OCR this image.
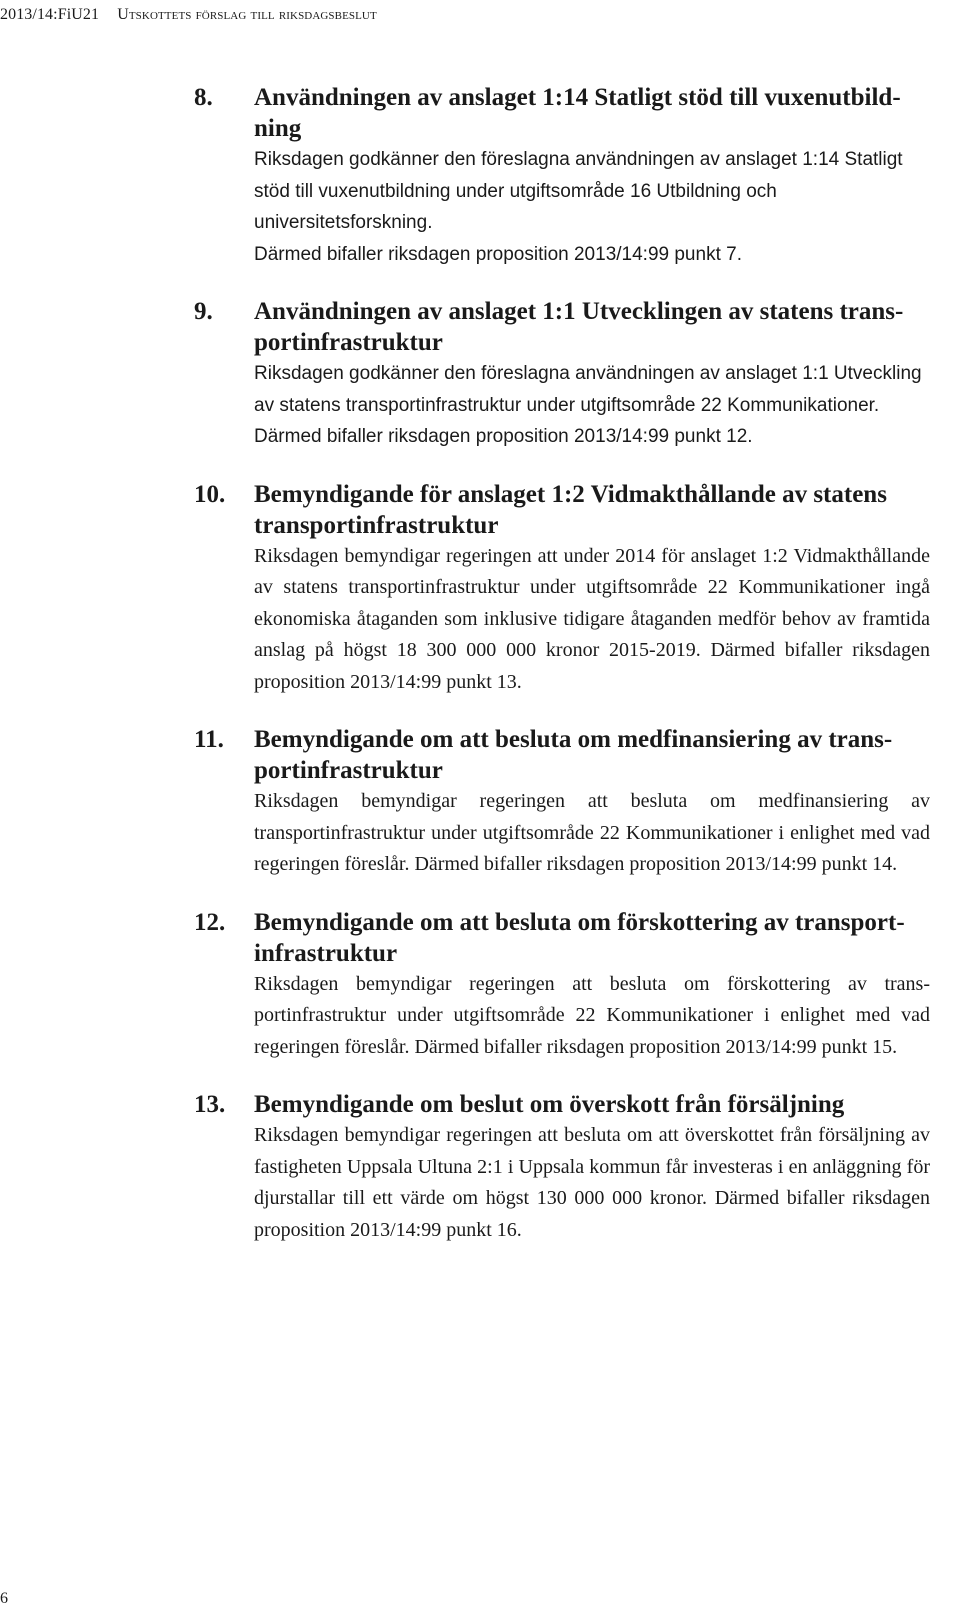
2013/14:FiU21 Utskottets förslag till riksdagsbeslut
8. Användningen av anslaget 1:14 Statligt stöd till vuxenutbildning

Riksdagen godkänner den föreslagna användningen av anslaget 1:14 Statligt stöd till vuxenutbildning under utgiftsområde 16 Utbildning och universitetsforskning.

Därmed bifaller riksdagen proposition 2013/14:99 punkt 7.

9. Användningen av anslaget 1:1 Utvecklingen av statens transportinfrastruktur

Riksdagen godkänner den föreslagna användningen av anslaget 1:1 Utveckling av statens transportinfrastruktur under utgiftsområde 22 Kommunikationer. Därmed bifaller riksdagen proposition 2013/14:99 punkt 12.

10. Bemyndigande för anslaget 1:2 Vidmakthållande av statens transportinfrastruktur

Riksdagen bemyndigar regeringen att under 2014 för anslaget 1:2 Vidmakthållande av statens transportinfrastruktur under utgiftsområde 22 Kommunikationer ingå ekonomiska åtaganden som inklusive tidigare åtaganden medför behov av framtida anslag på högst 18 300 000 000 kronor 2015-2019. Därmed bifaller riksdagen proposition 2013/14:99 punkt 13.

11. Bemyndigande om att besluta om medfinansiering av transportinfrastruktur

Riksdagen bemyndigar regeringen att besluta om medfinansiering av transportinfrastruktur under utgiftsområde 22 Kommunikationer i enlighet med vad regeringen föreslår. Därmed bifaller riksdagen proposition 2013/14:99 punkt 14.

12. Bemyndigande om att besluta om förskottering av transportinfrastruktur

Riksdagen bemyndigar regeringen att besluta om förskottering av transportinfrastruktur under utgiftsområde 22 Kommunikationer i enlighet med vad regeringen föreslår. Därmed bifaller riksdagen proposition 2013/14:99 punkt 15.

13. Bemyndigande om beslut om överskott från försäljning

Riksdagen bemyndigar regeringen att besluta om att överskottet från försäljning av fastigheten Uppsala Ultuna 2:1 i Uppsala kommun får investeras i en anläggning för djurstallar till ett värde om högst 130 000 000 kronor. Därmed bifaller riksdagen proposition 2013/14:99 punkt 16.

6
